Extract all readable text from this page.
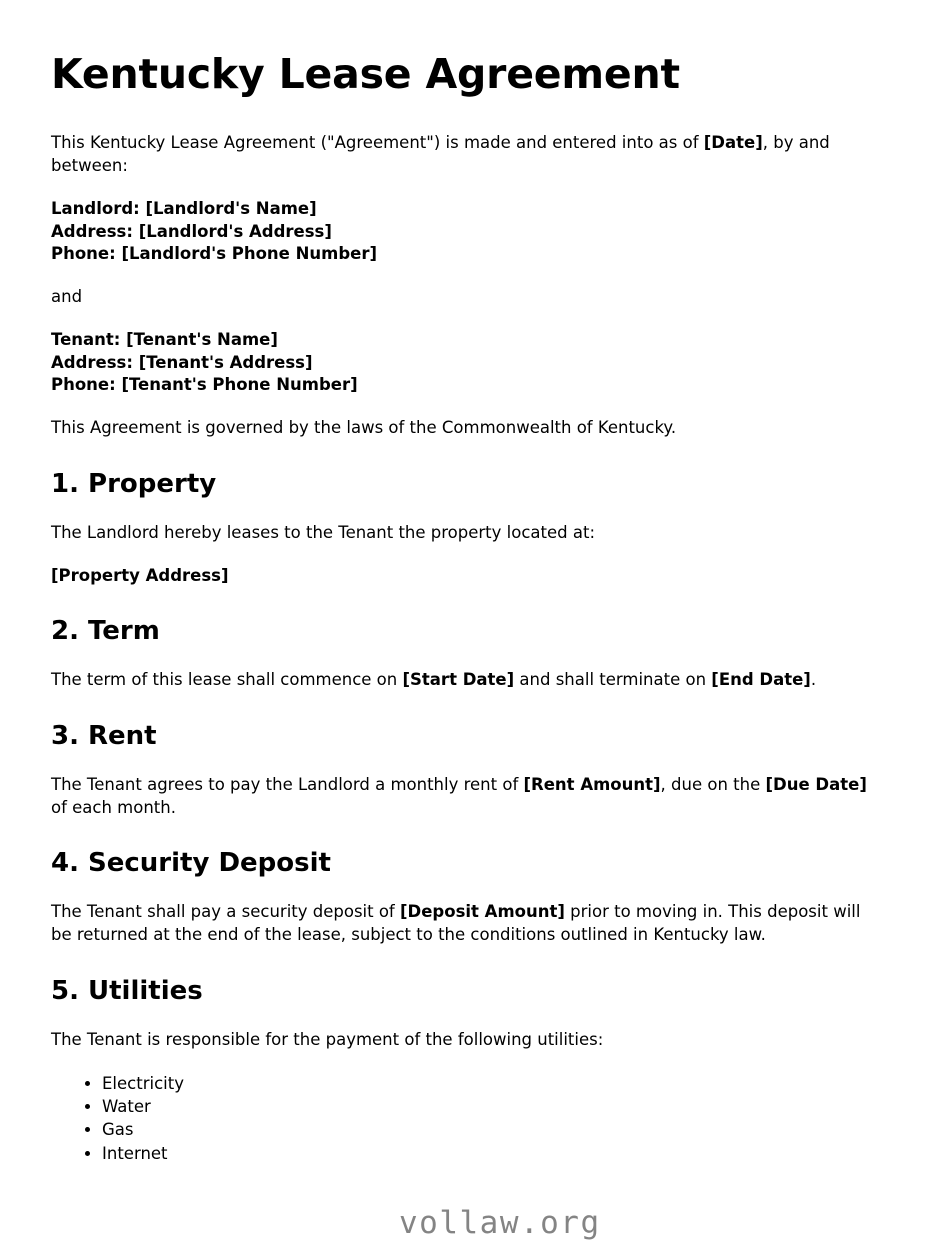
Kentucky Lease Agreement

This Kentucky Lease Agreement ("Agreement") is made and entered into as of [Date], by and between:

Landlord: [Landlord's Name]
Address: [Landlord's Address]
Phone: [Landlord's Phone Number]

and

Tenant: [Tenant's Name]
Address: [Tenant's Address]
Phone: [Tenant's Phone Number]

This Agreement is governed by the laws of the Commonwealth of Kentucky.

1. Property

The Landlord hereby leases to the Tenant the property located at:

[Property Address]

2. Term
vollaw.org

The term of this lease shall commence on [Start Date] and shall terminate on [End Date].

3. Rent

The Tenant agrees to pay the Landlord a monthly rent of [Rent Amount], due on the [Due Date] of each month.

4. Security Deposit

The Tenant shall pay a security deposit of [Deposit Amount] prior to moving in. This deposit will be returned at the end of the lease, subject to the conditions outlined in Kentucky law.

5. Utilities

The Tenant is responsible for the payment of the following utilities:

• Electricity
• Water
• Gas
• Internet
